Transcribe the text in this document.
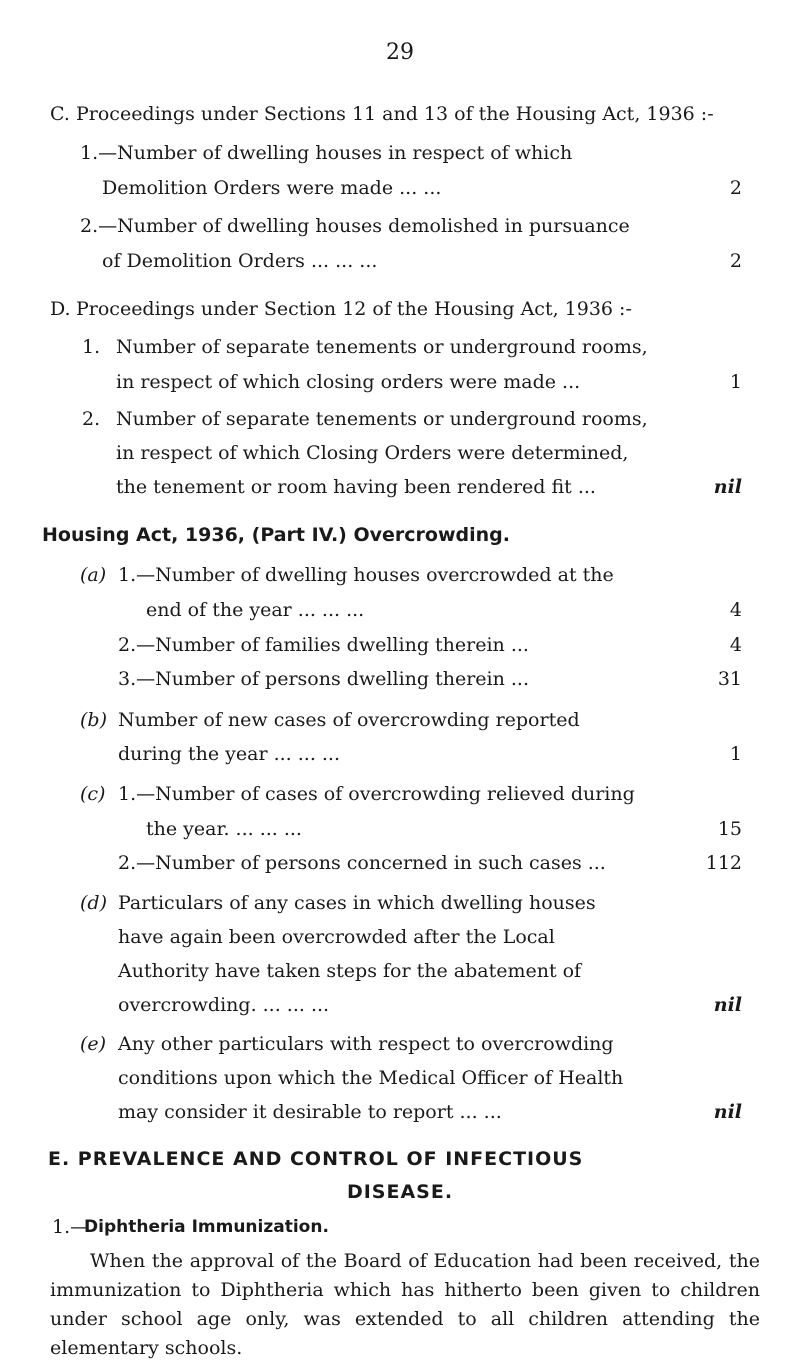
29
C. Proceedings under Sections 11 and 13 of the Housing Act, 1936 :-
1.—Number of dwelling houses in respect of which
Demolition Orders were made ... ...	2
2.—Number of dwelling houses demolished in pursuance
of Demolition Orders ... ... ...	2
D. Proceedings under Section 12 of the Housing Act, 1936 :-
1. Number of separate tenements or underground rooms,
in respect of which closing orders were made ...	1
2. Number of separate tenements or underground rooms,
in respect of which Closing Orders were determined,
the tenement or room having been rendered fit ...	nil
Housing Act, 1936, (Part IV.) Overcrowding.
(a) 1.—Number of dwelling houses overcrowded at the
end of the year ... ... ...	4
2.—Number of families dwelling therein ...	4
3.—Number of persons dwelling therein ...	31
(b) Number of new cases of overcrowding reported
during the year ... ... ...	1
(c) 1.—Number of cases of overcrowding relieved during
the year. ... ... ...	15
2.—Number of persons concerned in such cases ...	112
(d) Particulars of any cases in which dwelling houses
have again been overcrowded after the Local
Authority have taken steps for the abatement of
overcrowding. ... ... ...	nil
(e) Any other particulars with respect to overcrowding
conditions upon which the Medical Officer of Health
may consider it desirable to report ... ...	nil
E. PREVALENCE AND CONTROL OF INFECTIOUS
DISEASE.
1.—
Diphtheria Immunization.
When the approval of the Board of Education had been received, the immunization to Diphtheria which has hitherto been given to children under school age only, was extended to all children attending the elementary schools.
